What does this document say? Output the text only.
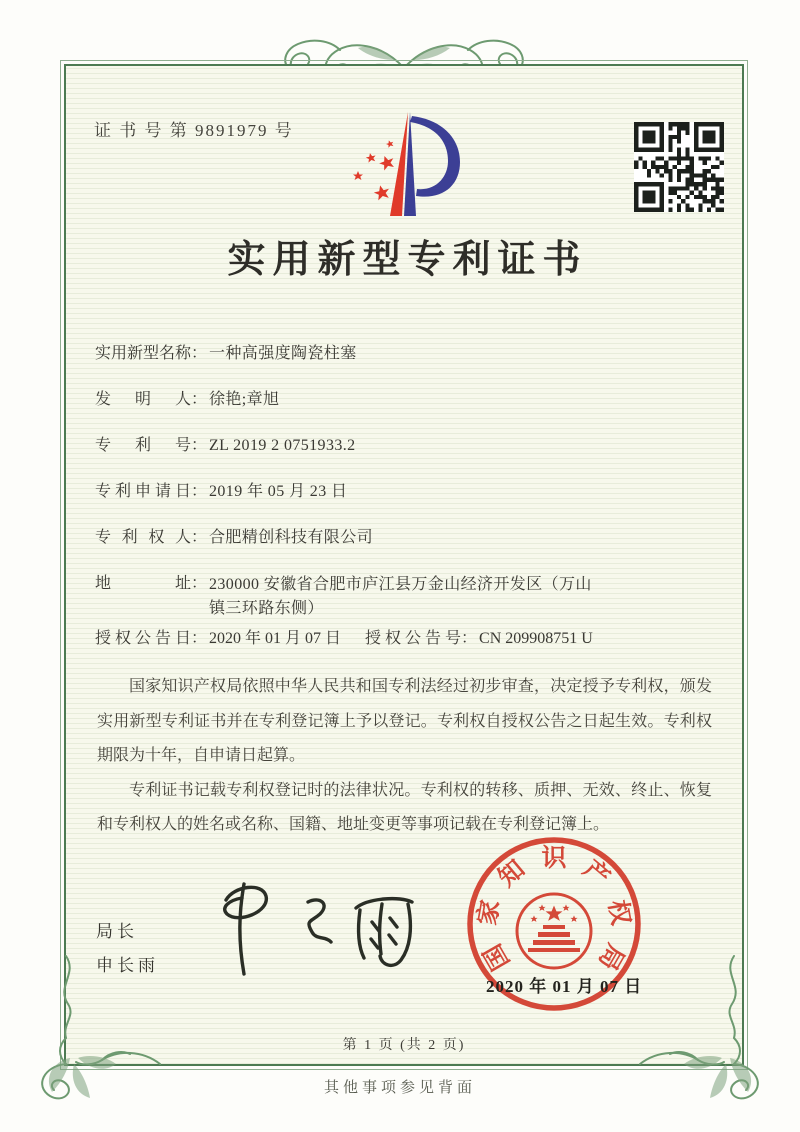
证 书 号 第 9891979 号
实用新型专利证书
实用新型名称 ： 一种高强度陶瓷柱塞
发明人 ： 徐艳;章旭
专利号 ： ZL 2019 2 0751933.2
专利申请日 ： 2019 年 05 月 23 日
专利权人 ： 合肥精创科技有限公司
地址 ： 230000 安徽省合肥市庐江县万金山经济开发区（万山镇三环路东侧）
授权公告日 ： 2020 年 01 月 07 日 授权公告号 ： CN 209908751 U

国家知识产权局依照中华人民共和国专利法经过初步审查，决定授予专利权，颁发实用新型专利证书并在专利登记簿上予以登记。专利权自授权公告之日起生效。专利权期限为十年，自申请日起算。

专利证书记载专利权登记时的法律状况。专利权的转移、质押、无效、终止、恢复和专利权人的姓名或名称、国籍、地址变更等事项记载在专利登记簿上。

局长
申长雨	国
家
知 识 产
权
局
2020 年 01 月 07 日
第 1 页 (共 2 页)
其他事项参见背面
